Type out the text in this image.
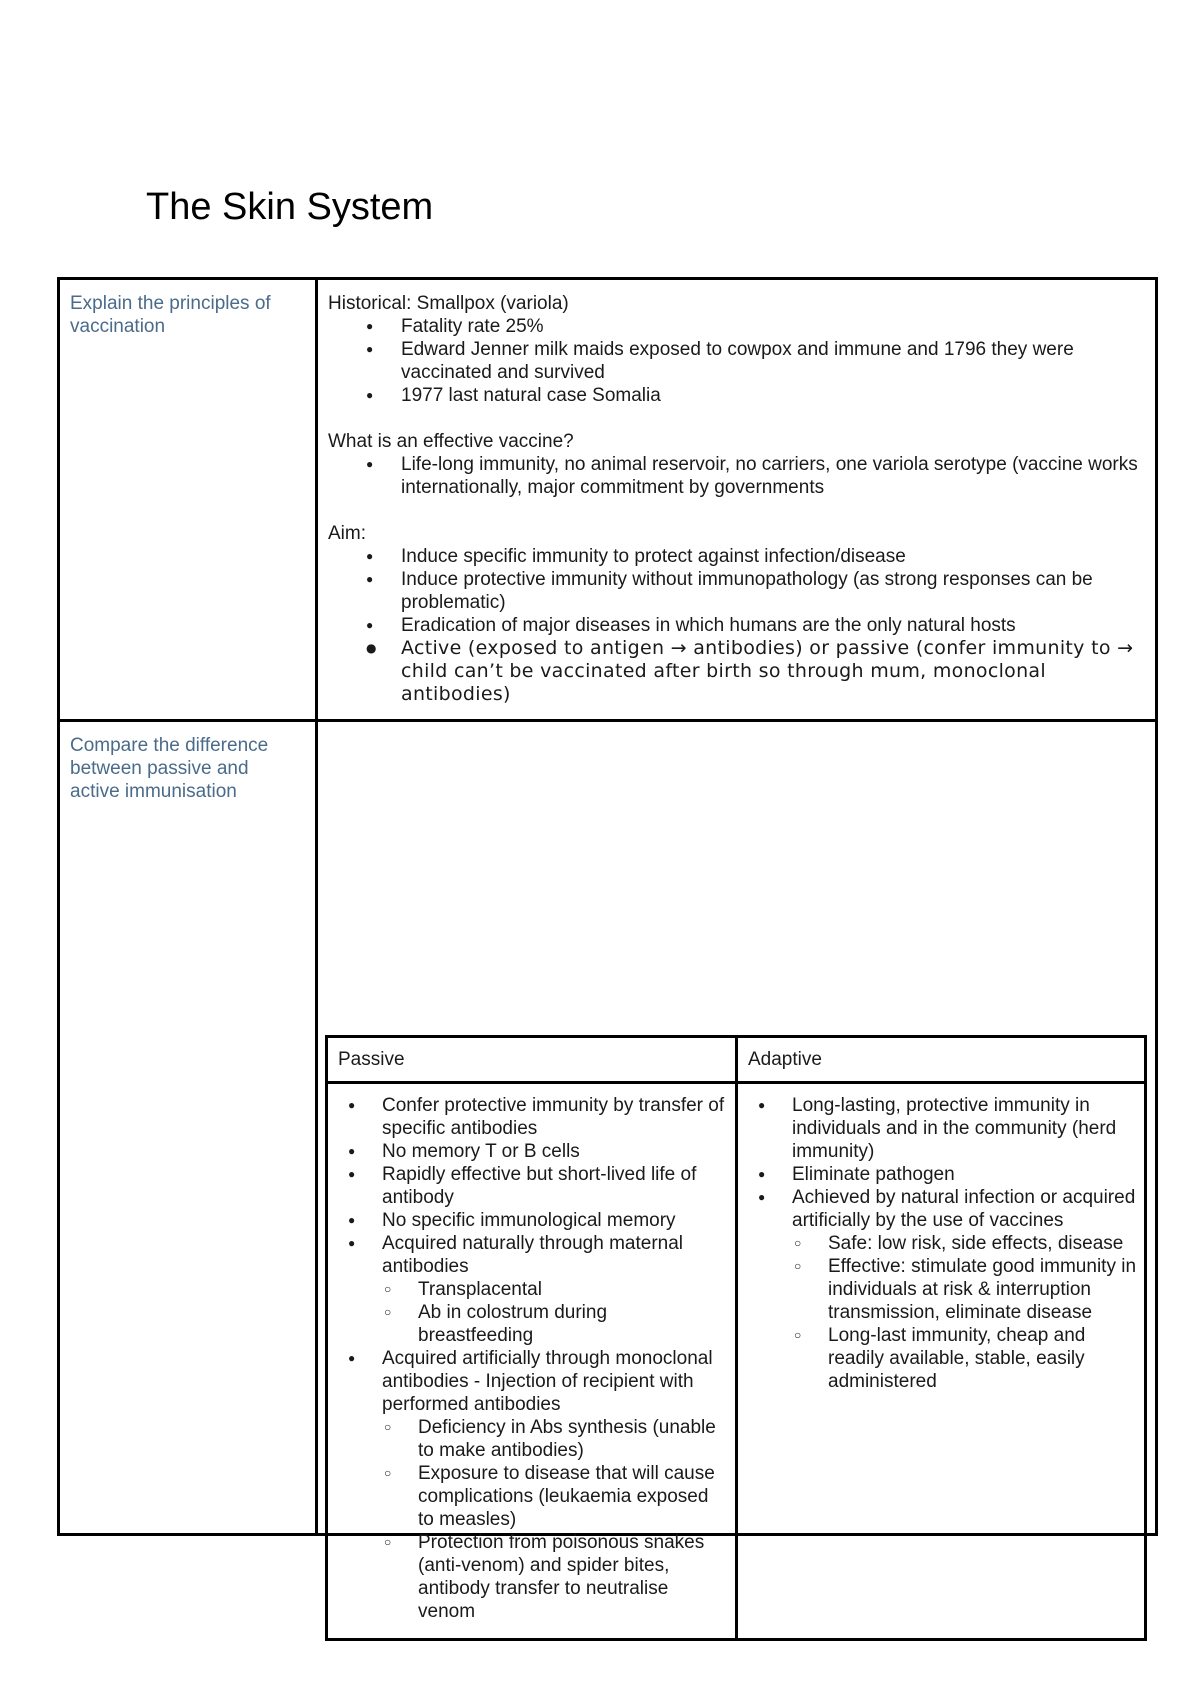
The Skin System
Explain the principles of vaccination

Historical: Smallpox (variola)

● Fatality rate 25%
● Edward Jenner milk maids exposed to cowpox and immune and 1796 they were vaccinated and survived
● 1977 last natural case Somalia

What is an effective vaccine?

● Life-long immunity, no animal reservoir, no carriers, one variola serotype (vaccine works internationally, major commitment by governments

Aim:

● Induce specific immunity to protect against infection/disease
● Induce protective immunity without immunopathology (as strong responses can be problematic)
● Eradication of major diseases in which humans are the only natural hosts
● Active (exposed to antigen → antibodies) or passive (confer immunity to → child can’t be vaccinated after birth so through mum, monoclonal antibodies)
Compare the difference between passive and active immunisation
Passive	Adaptive
● Confer protective immunity by transfer of specific antibodies
● No memory T or B cells
● Rapidly effective but short-lived life of antibody
● No specific immunological memory
● Acquired naturally through maternal antibodies
○ Transplacental
○ Ab in colostrum during breastfeeding
● Acquired artificially through monoclonal antibodies - Injection of recipient with performed antibodies
○ Deficiency in Abs synthesis (unable to make antibodies)
○ Exposure to disease that will cause complications (leukaemia exposed to measles)
○ Protection from poisonous snakes (anti-venom) and spider bites, antibody transfer to neutralise venom
● Long-lasting, protective immunity in individuals and in the community (herd immunity)
● Eliminate pathogen
● Achieved by natural infection or acquired artificially by the use of vaccines
○ Safe: low risk, side effects, disease
○ Effective: stimulate good immunity in individuals at risk & interruption transmission, eliminate disease
○ Long-last immunity, cheap and readily available, stable, easily administered
